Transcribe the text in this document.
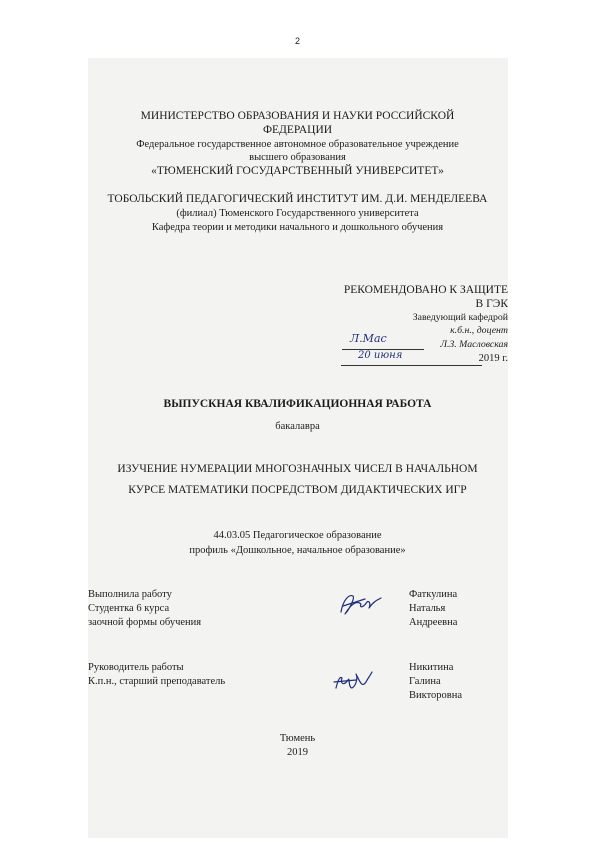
2
МИНИСТЕРСТВО ОБРАЗОВАНИЯ И НАУКИ РОССИЙСКОЙ
ФЕДЕРАЦИИ
Федеральное государственное автономное образовательное учреждение
высшего образования
«ТЮМЕНСКИЙ ГОСУДАРСТВЕННЫЙ УНИВЕРСИТЕТ»
ТОБОЛЬСКИЙ ПЕДАГОГИЧЕСКИЙ ИНСТИТУТ ИМ. Д.И. МЕНДЕЛЕЕВА
(филиал) Тюменского Государственного университета
Кафедра теории и методики начального и дошкольного обучения
РЕКОМЕНДОВАНО К ЗАЩИТЕ
В ГЭК
Заведующий кафедрой
к.б.н., доцент
Л.Мас	Л.З. Масловская
20 июня	2019 г.
ВЫПУСКНАЯ КВАЛИФИКАЦИОННАЯ РАБОТА
бакалавра
ИЗУЧЕНИЕ НУМЕРАЦИИ МНОГОЗНАЧНЫХ ЧИСЕЛ В НАЧАЛЬНОМ
КУРСЕ МАТЕМАТИКИ ПОСРЕДСТВОМ ДИДАКТИЧЕСКИХ ИГР
44.03.05 Педагогическое образование
профиль «Дошкольное, начальное образование»
Выполнила работу
Студентка 6 курса
заочной формы обучения
Фаткулина
Наталья
Андреевна
Руководитель работы
К.п.н., старший преподаватель
Никитина
Галина
Викторовна
Тюмень
2019
